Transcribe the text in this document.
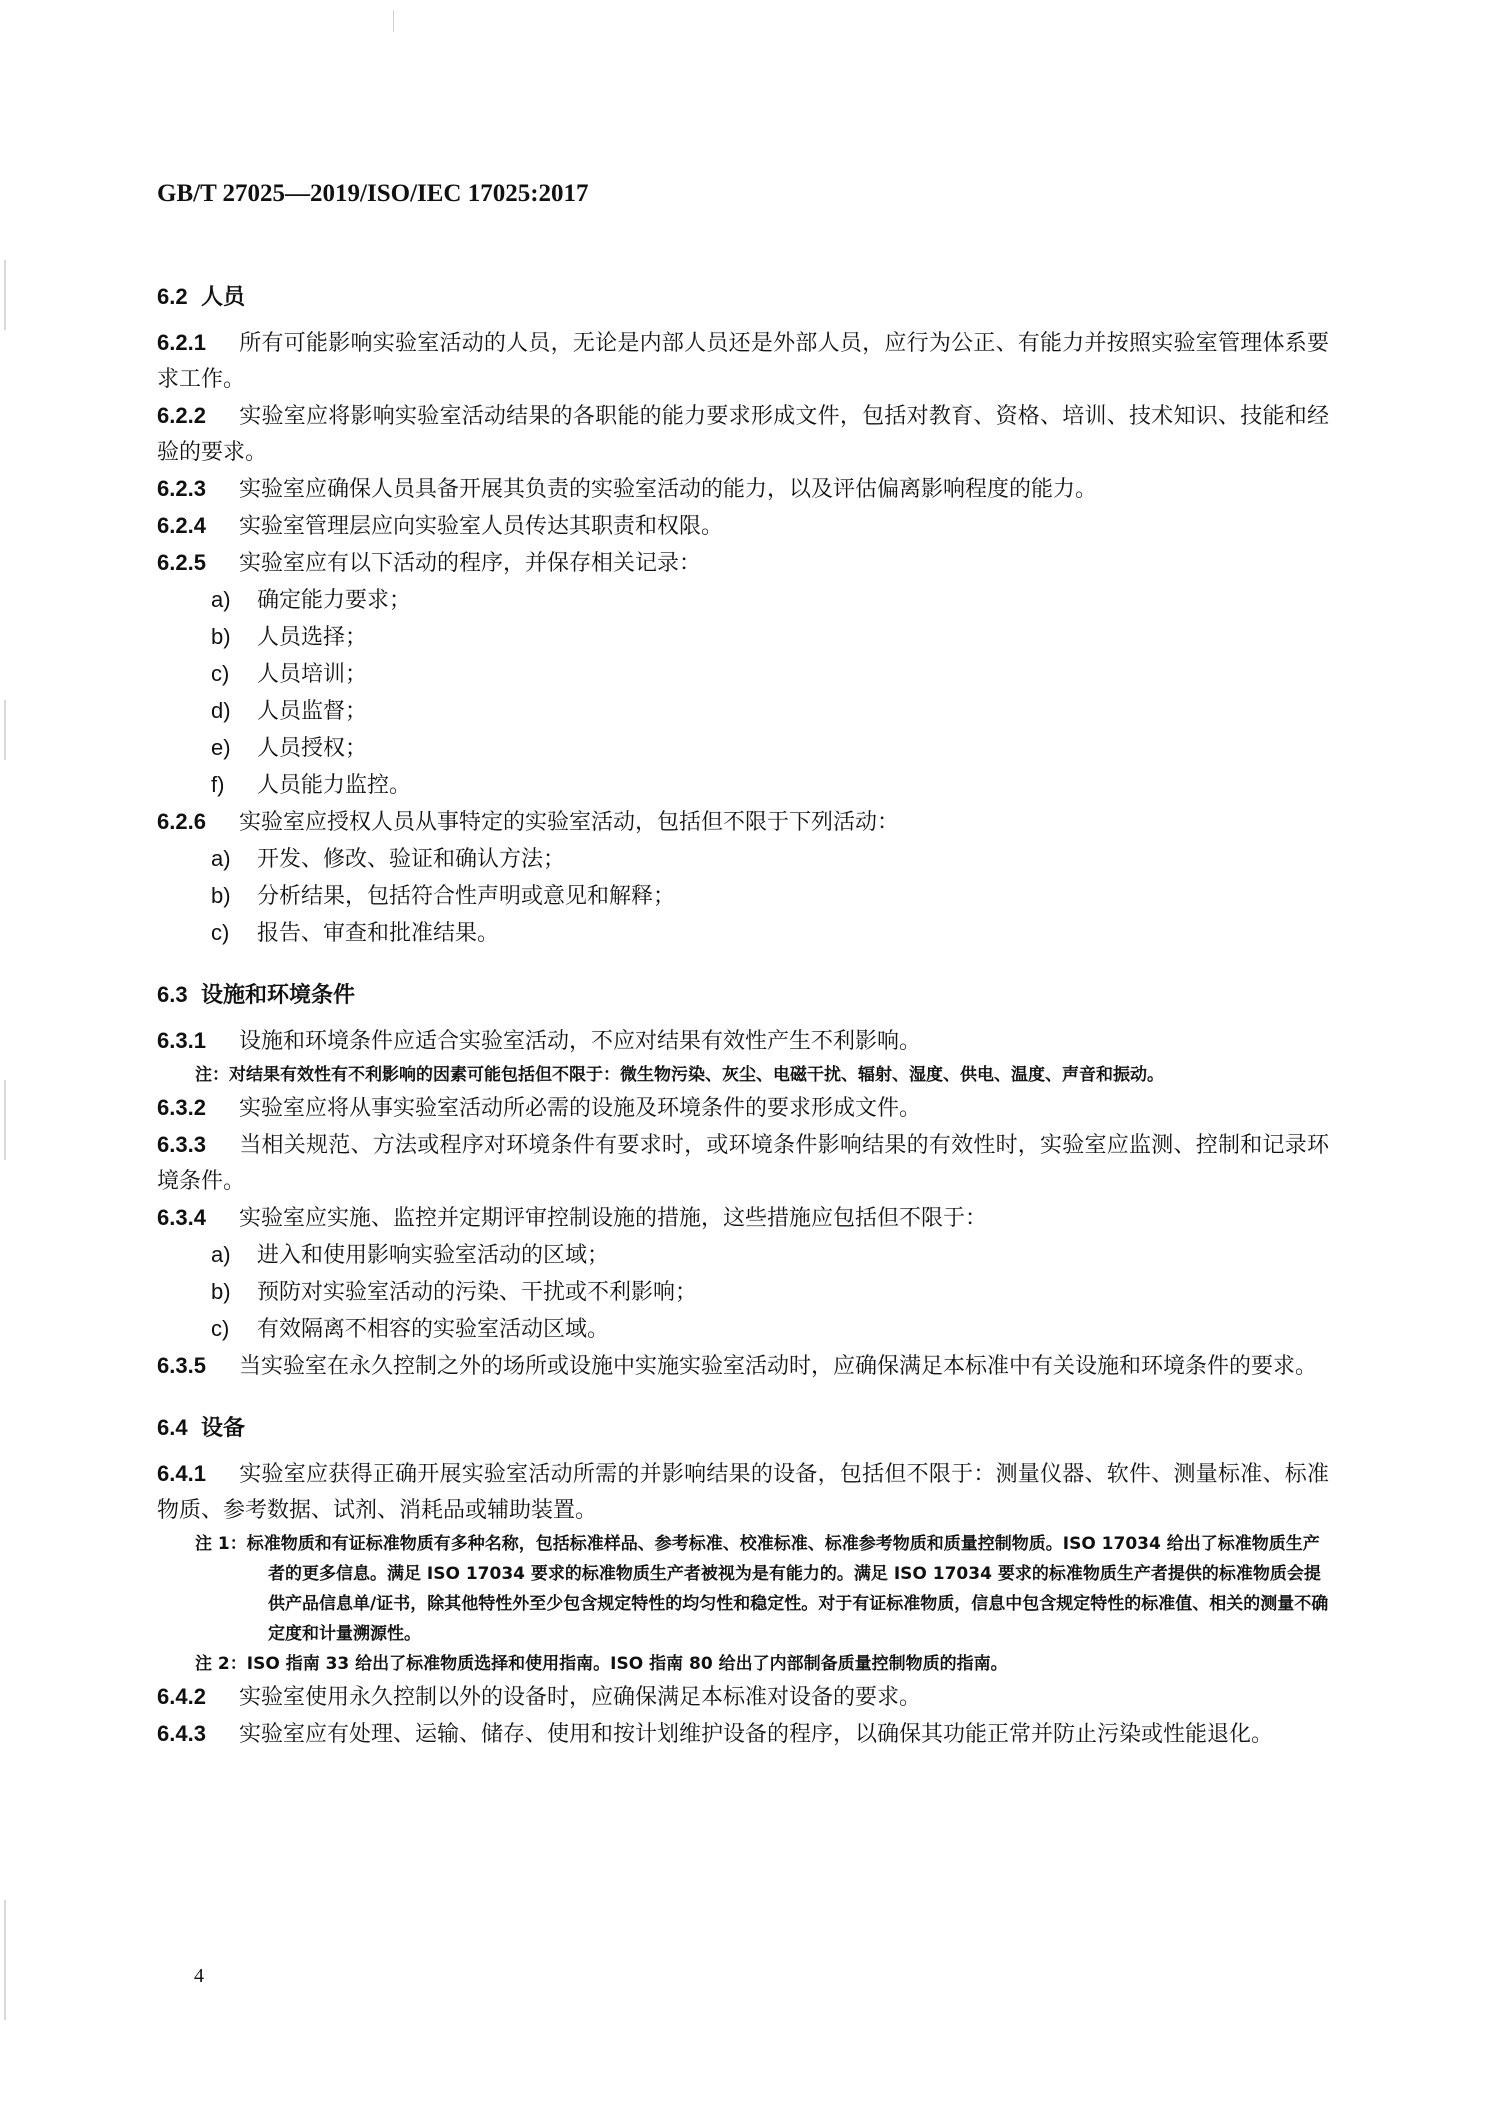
GB/T 27025—2019/ISO/IEC 17025:2017
6.2 人员

6.2.1 所有可能影响实验室活动的人员，无论是内部人员还是外部人员，应行为公正、有能力并按照实验室管理体系要求工作。

6.2.2 实验室应将影响实验室活动结果的各职能的能力要求形成文件，包括对教育、资格、培训、技术知识、技能和经验的要求。

6.2.3 实验室应确保人员具备开展其负责的实验室活动的能力，以及评估偏离影响程度的能力。

6.2.4 实验室管理层应向实验室人员传达其职责和权限。

6.2.5 实验室应有以下活动的程序，并保存相关记录：

a) 确定能力要求；

b) 人员选择；

c) 人员培训；

d) 人员监督；

e) 人员授权；

f) 人员能力监控。

6.2.6 实验室应授权人员从事特定的实验室活动，包括但不限于下列活动：

a) 开发、修改、验证和确认方法；

b) 分析结果，包括符合性声明或意见和解释；

c) 报告、审查和批准结果。

6.3 设施和环境条件

6.3.1 设施和环境条件应适合实验室活动，不应对结果有效性产生不利影响。

注：对结果有效性有不利影响的因素可能包括但不限于：微生物污染、灰尘、电磁干扰、辐射、湿度、供电、温度、声音和振动。

6.3.2 实验室应将从事实验室活动所必需的设施及环境条件的要求形成文件。

6.3.3 当相关规范、方法或程序对环境条件有要求时，或环境条件影响结果的有效性时，实验室应监测、控制和记录环境条件。

6.3.4 实验室应实施、监控并定期评审控制设施的措施，这些措施应包括但不限于：

a) 进入和使用影响实验室活动的区域；

b) 预防对实验室活动的污染、干扰或不利影响；

c) 有效隔离不相容的实验室活动区域。

6.3.5 当实验室在永久控制之外的场所或设施中实施实验室活动时，应确保满足本标准中有关设施和环境条件的要求。

6.4 设备

6.4.1 实验室应获得正确开展实验室活动所需的并影响结果的设备，包括但不限于：测量仪器、软件、测量标准、标准物质、参考数据、试剂、消耗品或辅助装置。

注 1：标准物质和有证标准物质有多种名称，包括标准样品、参考标准、校准标准、标准参考物质和质量控制物质。ISO 17034 给出了标准物质生产者的更多信息。满足 ISO 17034 要求的标准物质生产者被视为是有能力的。满足 ISO 17034 要求的标准物质生产者提供的标准物质会提供产品信息单/证书，除其他特性外至少包含规定特性的均匀性和稳定性。对于有证标准物质，信息中包含规定特性的标准值、相关的测量不确定度和计量溯源性。

注 2：ISO 指南 33 给出了标准物质选择和使用指南。ISO 指南 80 给出了内部制备质量控制物质的指南。

6.4.2 实验室使用永久控制以外的设备时，应确保满足本标准对设备的要求。

6.4.3 实验室应有处理、运输、储存、使用和按计划维护设备的程序，以确保其功能正常并防止污染或性能退化。

4
